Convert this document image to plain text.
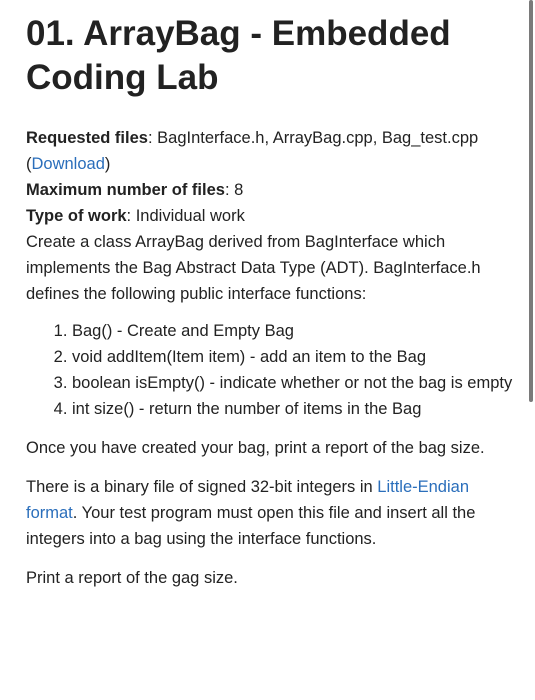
01. ArrayBag - Embedded
Coding Lab
Requested files: BagInterface.h, ArrayBag.cpp, Bag_test.cpp (Download)
Maximum number of files: 8
Type of work: Individual work

Create a class ArrayBag derived from BagInterface which implements the Bag Abstract Data Type (ADT). BagInterface.h defines the following public interface functions:

1. Bag() - Create and Empty Bag
2. void addItem(Item item) - add an item to the Bag
3. boolean isEmpty() - indicate whether or not the bag is empty
4. int size() - return the number of items in the Bag

Once you have created your bag, print a report of the bag size.

There is a binary file of signed 32-bit integers in Little-Endian format. Your test program must open this file and insert all the integers into a bag using the interface functions.

Print a report of the gag size.
